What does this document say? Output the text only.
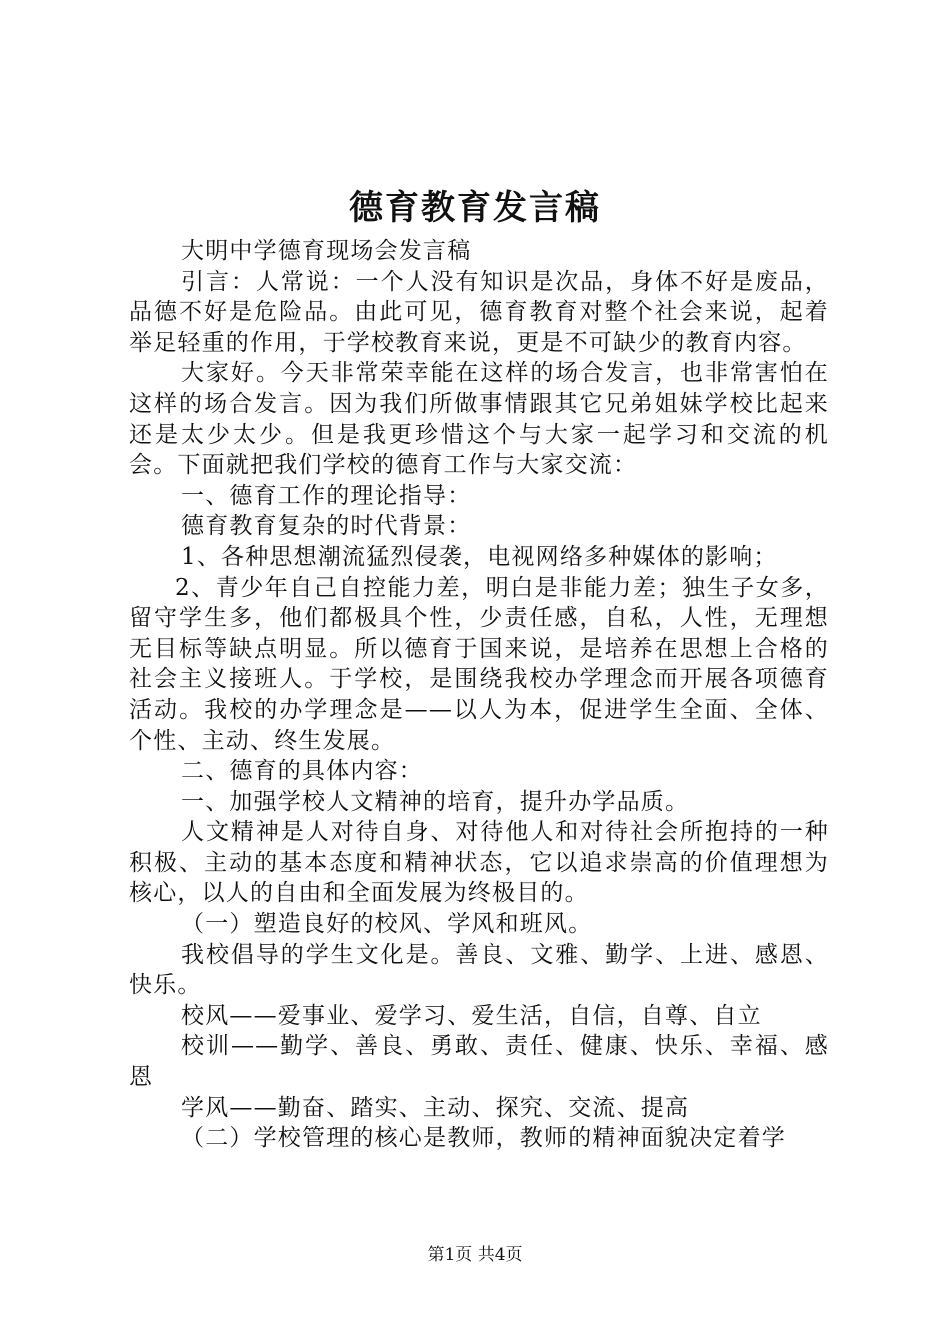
德育教育发言稿

大明中学德育现场会发言稿

引言：人常说：一个人没有知识是次品，身体不好是废品，品德不好是危险品。由此可见，德育教育对整个社会来说，起着举足轻重的作用，于学校教育来说，更是不可缺少的教育内容。

大家好。今天非常荣幸能在这样的场合发言，也非常害怕在这样的场合发言。因为我们所做事情跟其它兄弟姐妹学校比起来还是太少太少。但是我更珍惜这个与大家一起学习和交流的机会。下面就把我们学校的德育工作与大家交流：

一、德育工作的理论指导：

德育教育复杂的时代背景：

1、各种思想潮流猛烈侵袭，电视网络多种媒体的影响；

2、青少年自己自控能力差，明白是非能力差；独生子女多，留守学生多，他们都极具个性，少责任感，自私，人性，无理想无目标等缺点明显。所以德育于国来说，是培养在思想上合格的社会主义接班人。于学校，是围绕我校办学理念而开展各项德育活动。我校的办学理念是——以人为本，促进学生全面、全体、个性、主动、终生发展。

二、德育的具体内容：

一、加强学校人文精神的培育，提升办学品质。

人文精神是人对待自身、对待他人和对待社会所抱持的一种积极、主动的基本态度和精神状态，它以追求崇高的价值理想为核心，以人的自由和全面发展为终极目的。

（一）塑造良好的校风、学风和班风。

我校倡导的学生文化是。善良、文雅、勤学、上进、感恩、快乐。

校风——爱事业、爱学习、爱生活，自信，自尊、自立

校训——勤学、善良、勇敢、责任、健康、快乐、幸福、感恩

学风——勤奋、踏实、主动、探究、交流、提高

（二）学校管理的核心是教师，教师的精神面貌决定着学

第1页 共4页
